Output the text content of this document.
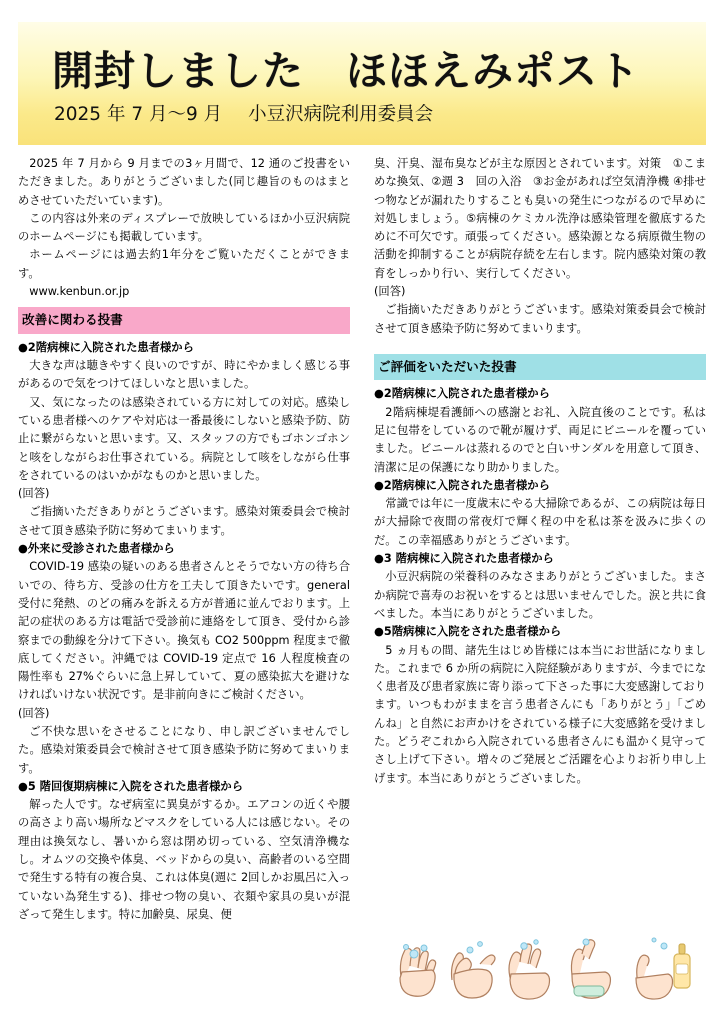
開封しました　ほほえみポスト
2025 年 7 月～9 月 小豆沢病院利用委員会

2025 年 7 月から 9 月までの3ヶ月間で、12 通のご投書をいただきました。ありがとうございました(同じ趣旨のものはまとめさせていただいています)。

この内容は外来のディスプレーで放映しているほか小豆沢病院のホームページにも掲載しています。

ホームページには過去約1年分をご覧いただくことができます。

www.kenbun.or.jp

改善に関わる投書

●2階病棟に入院された患者様から

大きな声は聴きやすく良いのですが、時にやかましく感じる事があるので気をつけてほしいなと思いました。

又、気になったのは感染されている方に対しての対応。感染している患者様へのケアや対応は一番最後にしないと感染予防、防止に繋がらないと思います。又、スタッフの方でもゴホンゴホンと咳をしながらお仕事されている。病院として咳をしながら仕事をされているのはいかがなものかと思いました。

(回答)

ご指摘いただきありがとうございます。感染対策委員会で検討させて頂き感染予防に努めてまいります。

●外来に受診された患者様から

COVID-19 感染の疑いのある患者さんとそうでない方の待ち合いでの、待ち方、受診の仕方を工夫して頂きたいです。general 受付に発熱、のどの痛みを訴える方が普通に並んでおります。上記の症状のある方は電話で受診前に連絡をして頂き、受付から診察までの動線を分けて下さい。換気も CO2 500ppm 程度まで徹底してください。沖縄では COVID-19 定点で 16 人程度検査の陽性率も 27%ぐらいに急上昇していて、夏の感染拡大を避けなければいけない状況です。是非前向きにご検討ください。

(回答)

ご不快な思いをさせることになり、申し訳ございませんでした。感染対策委員会で検討させて頂き感染予防に努めてまいります。

●5 階回復期病棟に入院をされた患者様から

解った人です。なぜ病室に異臭がするか。エアコンの近くや腰の高さより高い場所などマスクをしている人には感じない。その理由は換気なし、暑いから窓は閉め切っている、空気清浄機なし。オムツの交換や体臭、ベッドからの臭い、高齢者のいる空間で発生する特有の複合臭、これは体臭(週に 2回しかお風呂に入っていない為発生する)、排せつ物の臭い、衣類や家具の臭いが混ざって発生します。特に加齢臭、尿臭、便

臭、汗臭、湿布臭などが主な原因とされています。対策　①こまめな換気、②週 3　回の入浴　③お金があれば空気清浄機 ④排せつ物などが漏れたりすることも臭いの発生につながるので早めに対処しましょう。⑤病棟のケミカル洗浄は感染管理を徹底するために不可欠です。頑張ってください。感染源となる病原微生物の活動を抑制することが病院存続を左右します。院内感染対策の教育をしっかり行い、実行してください。

(回答)

ご指摘いただきありがとうございます。感染対策委員会で検討させて頂き感染予防に努めてまいります。

ご評価をいただいた投書

●2階病棟に入院された患者様から

2階病棟堤看護師への感謝とお礼、入院直後のことです。私は足に包帯をしているので靴が履けず、両足にビニールを覆っていました。ビニールは蒸れるのでと白いサンダルを用意して頂き、清潔に足の保護になり助かりました。

●2階病棟に入院された患者様から

常識では年に一度歳末にやる大掃除であるが、この病院は毎日が大掃除で夜間の常夜灯で輝く程の中を私は茶を汲みに歩くのだ。この幸福感ありがとうございます。

●3 階病棟に入院された患者様から

小豆沢病院の栄養科のみなさまありがとうございました。まさか病院で喜寿のお祝いをするとは思いませんでした。涙と共に食べました。本当にありがとうございました。

●5階病棟に入院をされた患者様から

5 ヵ月もの間、諸先生はじめ皆様には本当にお世話になりました。これまで 6 か所の病院に入院経験がありますが、今までになく患者及び患者家族に寄り添って下さった事に大変感謝しております。いつもわがままを言う患者さんにも「ありがとう」「ごめんね」と自然にお声かけをされている様子に大変感銘を受けました。どうぞこれから入院されている患者さんにも温かく見守ってさし上げて下さい。増々のご発展とご活躍を心よりお祈り申し上げます。本当にありがとうございました。
